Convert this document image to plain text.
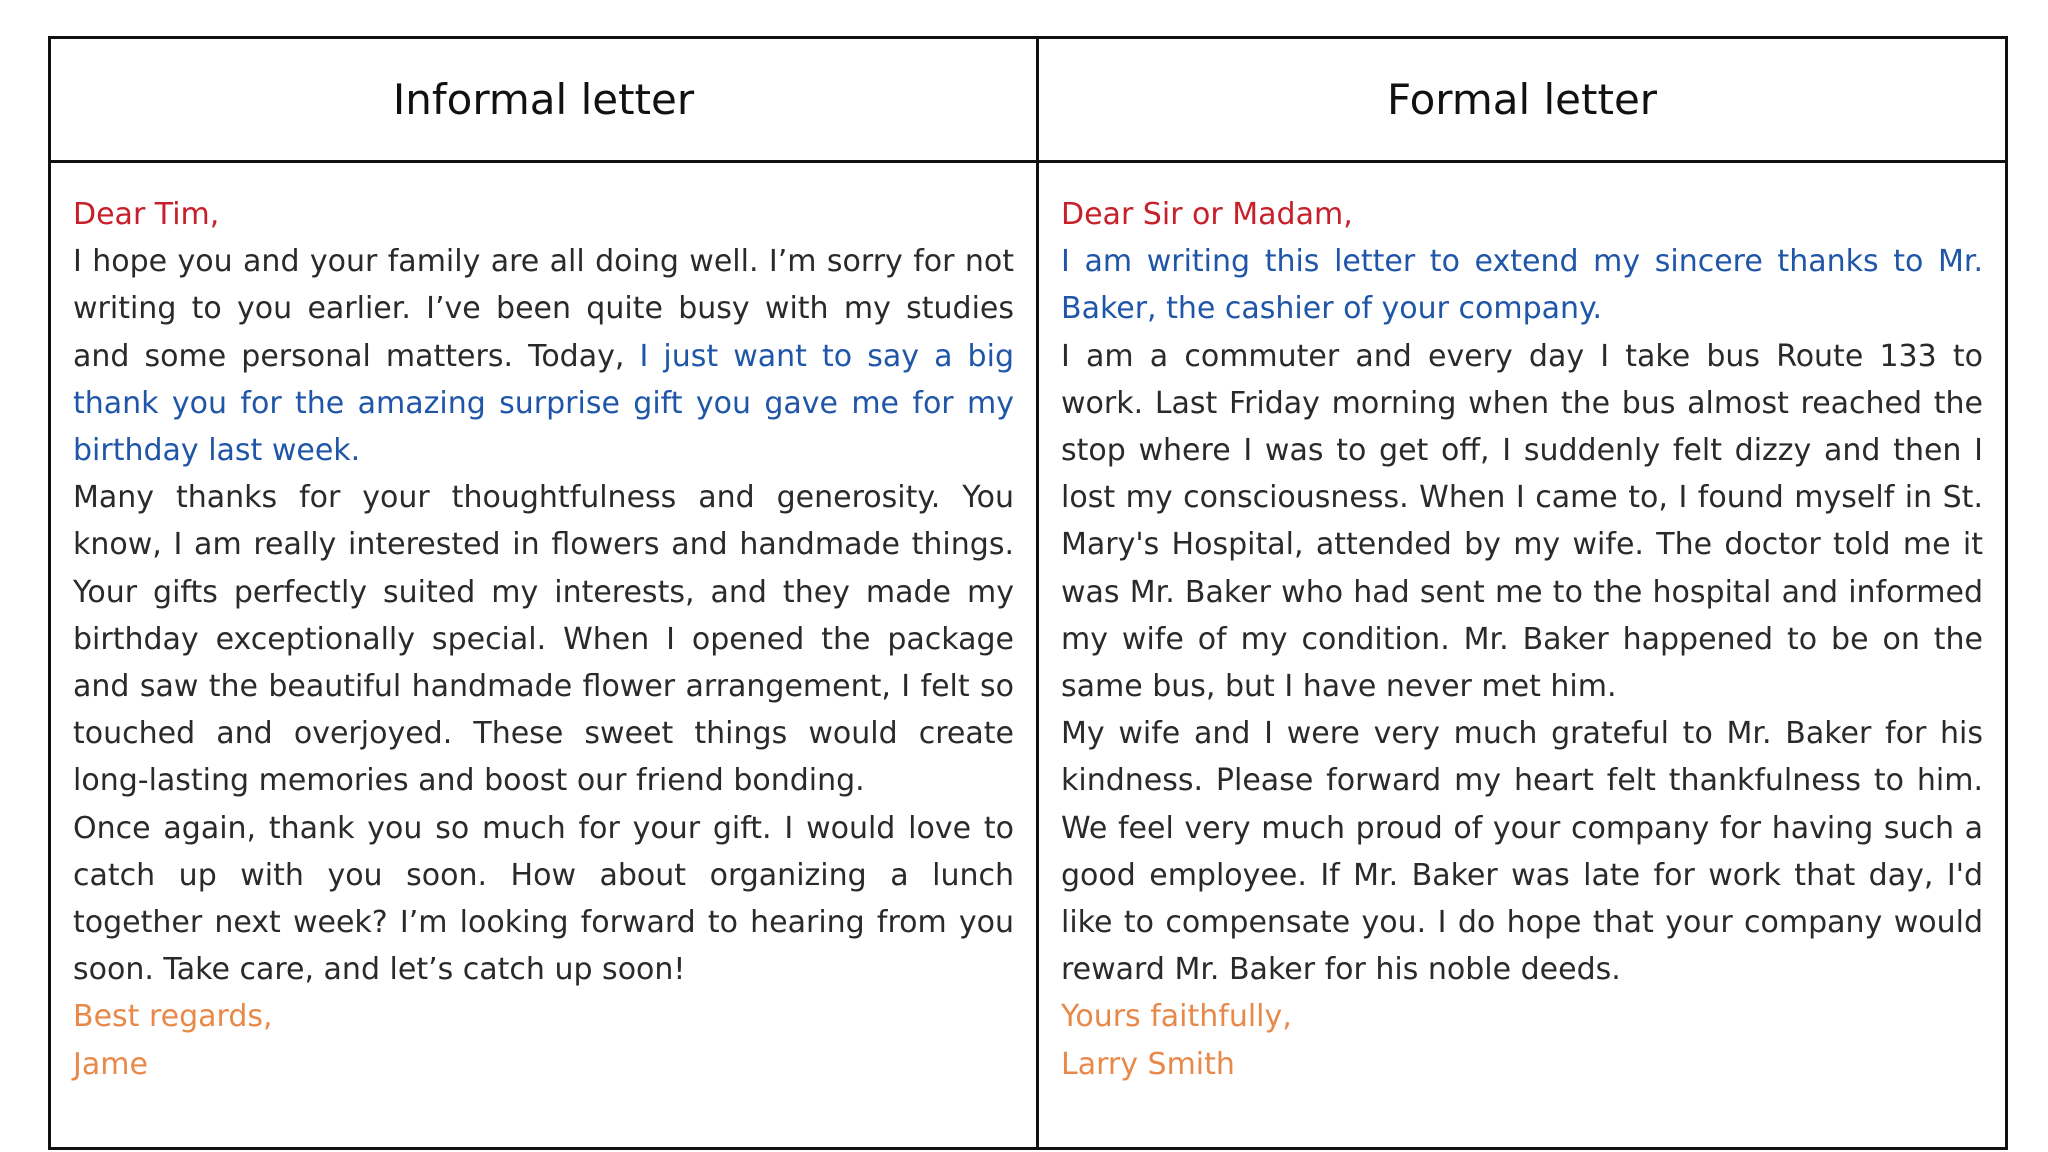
Informal letter	Formal letter

Dear Tim,

I hope you and your family are all doing well. I’m sorry for not writing to you earlier. I’ve been quite busy with my studies and some personal matters. Today, I just want to say a big thank you for the amazing surprise gift you gave me for my birthday last week.

Many thanks for your thoughtfulness and generosity. You know, I am really interested in flowers and handmade things. Your gifts perfectly suited my interests, and they made my birthday exceptionally special. When I opened the package and saw the beautiful handmade flower arrangement, I felt so touched and overjoyed. These sweet things would create long-lasting memories and boost our friend bonding.

Once again, thank you so much for your gift. I would love to catch up with you soon. How about organizing a lunch together next week? I’m looking forward to hearing from you soon. Take care, and let’s catch up soon!

Best regards,

Jame

Dear Sir or Madam,

I am writing this letter to extend my sincere thanks to Mr. Baker, the cashier of your company.

I am a commuter and every day I take bus Route 133 to work. Last Friday morning when the bus almost reached the stop where I was to get off, I suddenly felt dizzy and then I lost my consciousness. When I came to, I found myself in St. Mary's Hospital, attended by my wife. The doctor told me it was Mr. Baker who had sent me to the hospital and informed my wife of my condition. Mr. Baker happened to be on the same bus, but I have never met him.

My wife and I were very much grateful to Mr. Baker for his kindness. Please forward my heart felt thankfulness to him. We feel very much proud of your company for having such a good employee. If Mr. Baker was late for work that day, I'd like to compensate you. I do hope that your company would reward Mr. Baker for his noble deeds.

Yours faithfully,

Larry Smith
